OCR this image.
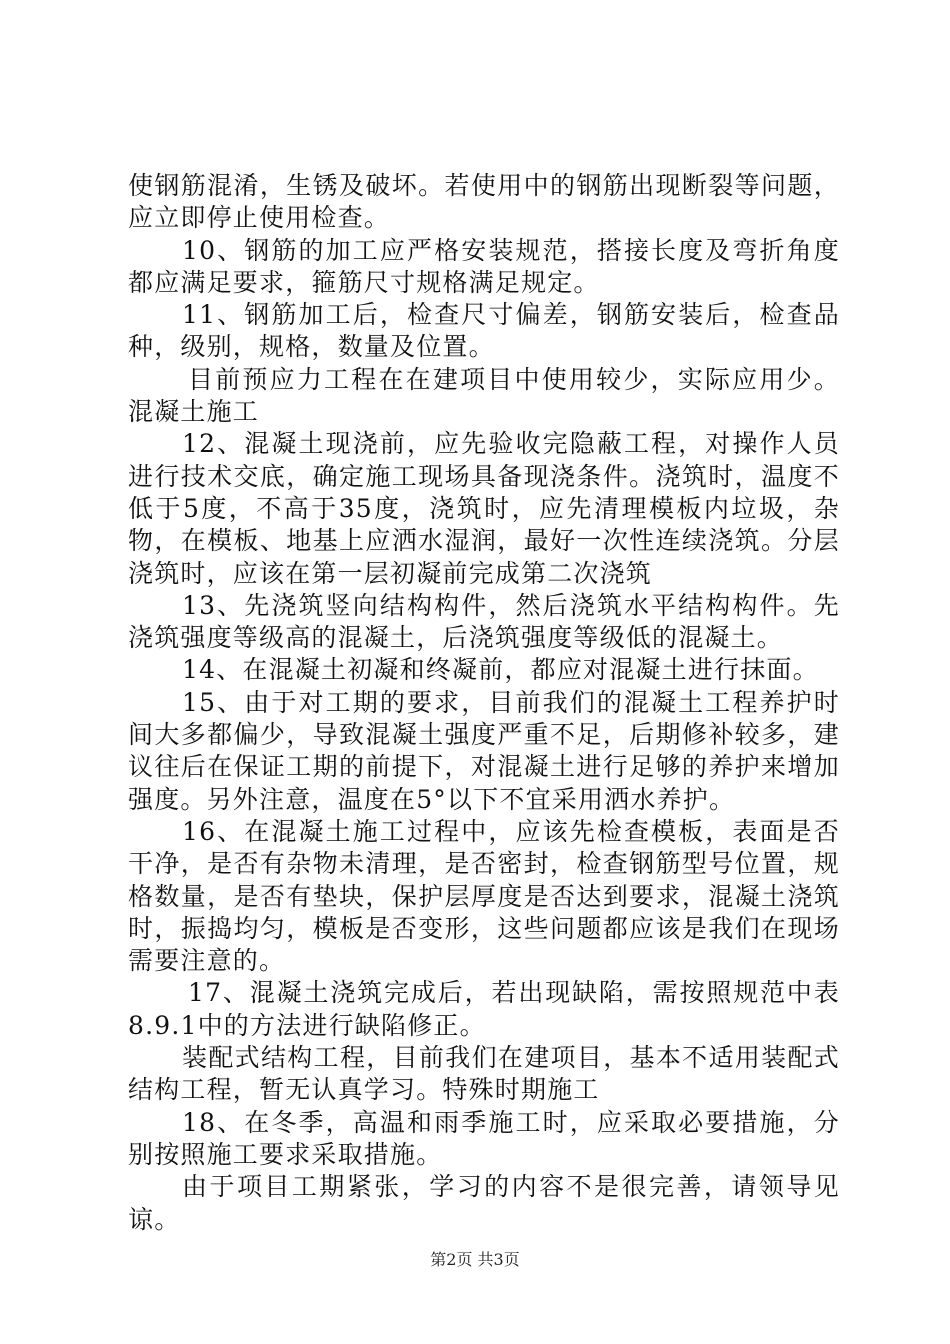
使钢筋混淆，生锈及破坏。若使用中的钢筋出现断裂等问题，应立即停止使用检查。

10、钢筋的加工应严格安装规范，搭接长度及弯折角度都应满足要求，箍筋尺寸规格满足规定。

11、钢筋加工后，检查尺寸偏差，钢筋安装后，检查品种，级别，规格，数量及位置。

目前预应力工程在在建项目中使用较少，实际应用少。混凝土施工

12、混凝土现浇前，应先验收完隐蔽工程，对操作人员进行技术交底，确定施工现场具备现浇条件。浇筑时，温度不低于5度，不高于35度，浇筑时，应先清理模板内垃圾，杂物，在模板、地基上应洒水湿润，最好一次性连续浇筑。分层浇筑时，应该在第一层初凝前完成第二次浇筑

13、先浇筑竖向结构构件，然后浇筑水平结构构件。先浇筑强度等级高的混凝土，后浇筑强度等级低的混凝土。

14、在混凝土初凝和终凝前，都应对混凝土进行抹面。

15、由于对工期的要求，目前我们的混凝土工程养护时间大多都偏少，导致混凝土强度严重不足，后期修补较多，建议往后在保证工期的前提下，对混凝土进行足够的养护来增加强度。另外注意，温度在5°以下不宜采用洒水养护。

16、在混凝土施工过程中，应该先检查模板，表面是否干净，是否有杂物未清理，是否密封，检查钢筋型号位置，规格数量，是否有垫块，保护层厚度是否达到要求，混凝土浇筑时，振捣均匀，模板是否变形，这些问题都应该是我们在现场需要注意的。

17、混凝土浇筑完成后，若出现缺陷，需按照规范中表8.9.1中的方法进行缺陷修正。

装配式结构工程，目前我们在建项目，基本不适用装配式结构工程，暂无认真学习。特殊时期施工

18、在冬季，高温和雨季施工时，应采取必要措施，分别按照施工要求采取措施。

由于项目工期紧张，学习的内容不是很完善，请领导见谅。

第2页 共3页
